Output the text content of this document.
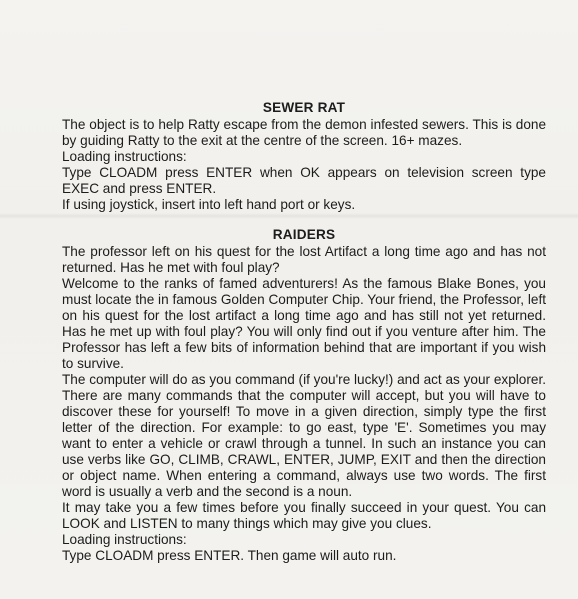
SEWER RAT

The object is to help Ratty escape from the demon infested sewers. This is done by guiding Ratty to the exit at the centre of the screen. 16+ mazes.

Loading instructions:

Type CLOADM press ENTER when OK appears on television screen type EXEC and press ENTER.

If using joystick, insert into left hand port or keys.

RAIDERS

The professor left on his quest for the lost Artifact a long time ago and has not returned. Has he met with foul play?

Welcome to the ranks of famed adventurers! As the famous Blake Bones, you must locate the in famous Golden Computer Chip. Your friend, the Professor, left on his quest for the lost artifact a long time ago and has still not yet returned. Has he met up with foul play? You will only find out if you venture after him. The Professor has left a few bits of information behind that are important if you wish to survive.

The computer will do as you command (if you're lucky!) and act as your explorer. There are many commands that the computer will accept, but you will have to discover these for yourself! To move in a given direction, simply type the first letter of the direction. For example: to go east, type 'E'. Sometimes you may want to enter a vehicle or crawl through a tunnel. In such an instance you can use verbs like GO, CLIMB, CRAWL, ENTER, JUMP, EXIT and then the direction or object name. When entering a command, always use two words. The first word is usually a verb and the second is a noun.

It may take you a few times before you finally succeed in your quest. You can LOOK and LISTEN to many things which may give you clues.

Loading instructions:

Type CLOADM press ENTER. Then game will auto run.
